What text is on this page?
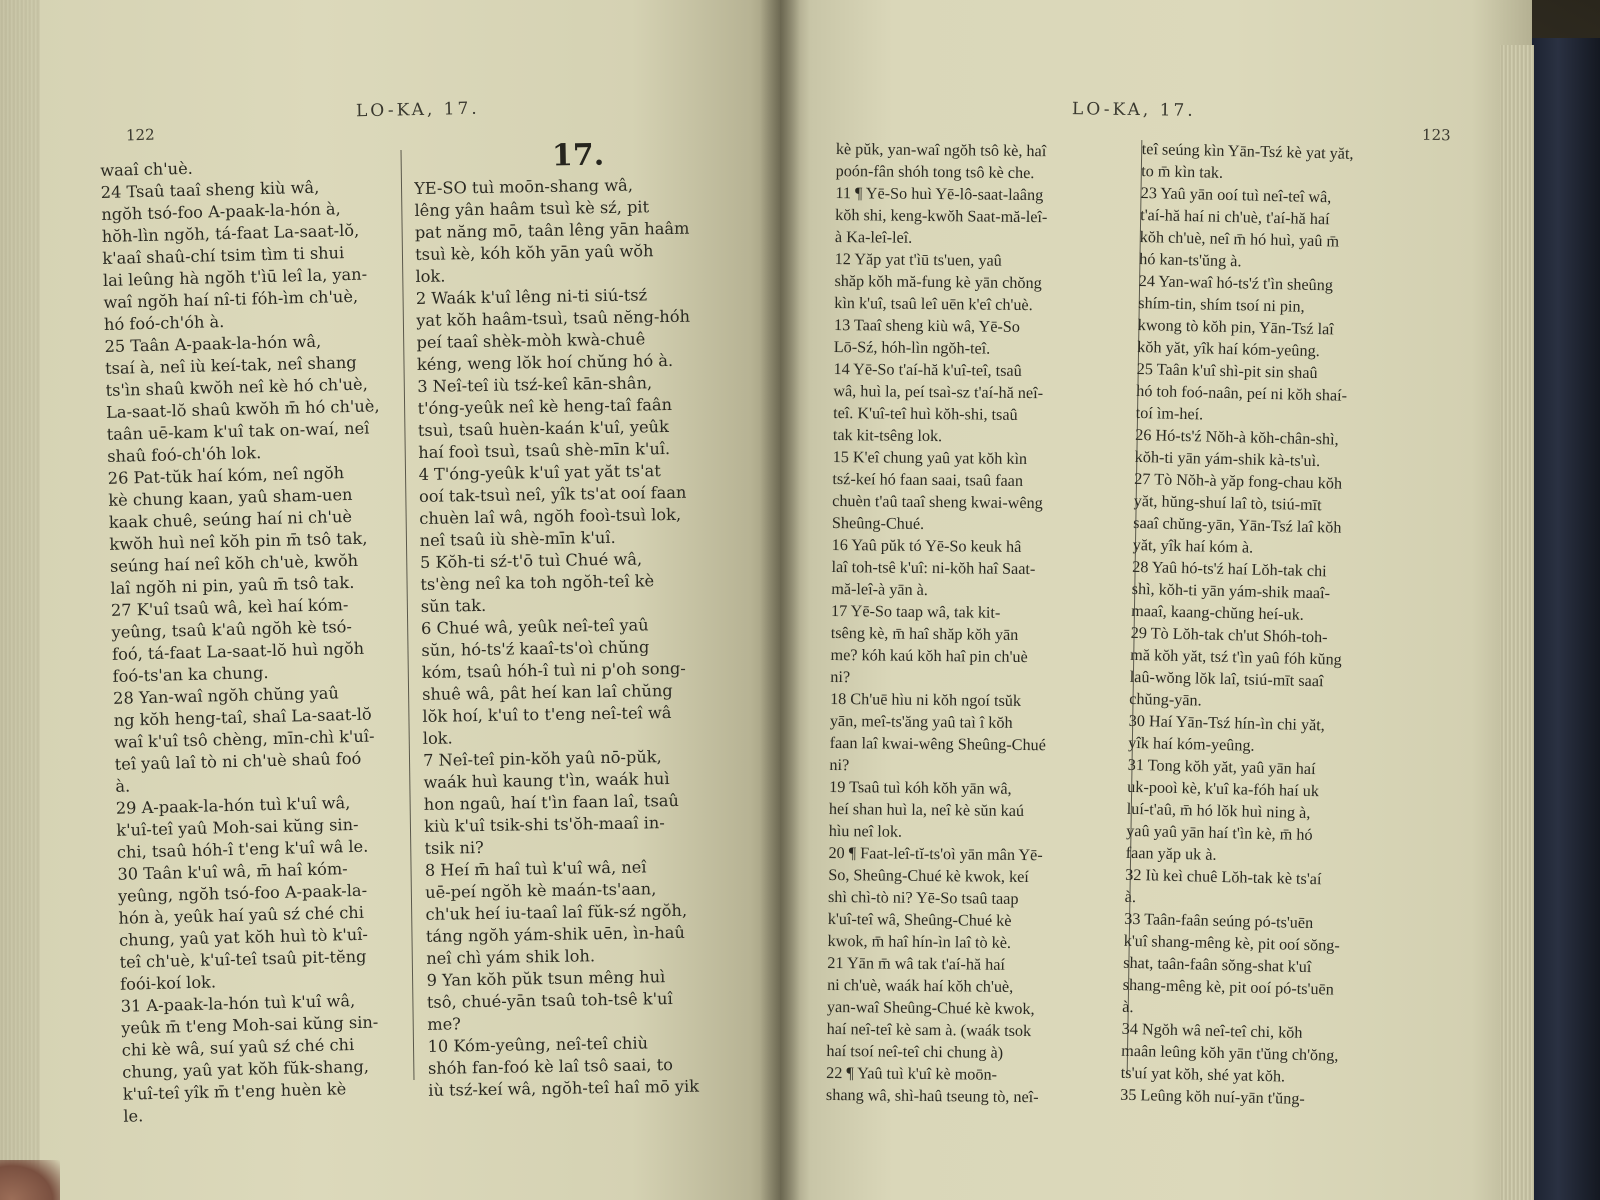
LO-KA, 17.
122
17.
waaî ch'uè.
24 Tsaû taaî sheng kiù wâ,
ngŏh tsó-foo A-paak-la-hón à,
hŏh-lìn ngŏh, tá-faat La-saat-lŏ,
k'aaî shaû-chí tsim tìm ti shui
lai leûng hà ngŏh t'ìū leî la, yan-
waî ngŏh haí nî-ti fóh-ìm ch'uè,
hó foó-ch'óh à.
25 Taân A-paak-la-hón wâ,
tsaí à, neî iù keí-tak, neî shang
ts'ìn shaû kwŏh neî kè hó ch'uè,
La-saat-lŏ shaû kwŏh m̄ hó ch'uè,
taân uē-kam k'uî tak on-waí, neî
shaû foó-ch'óh lok.
26 Pat-tŭk haí kóm, neî ngŏh
kè chung kaan, yaû sham-uen
kaak chuê, seúng haí ni ch'uè
kwŏh huì neî kŏh pin m̄ tsô tak,
seúng haí neî kŏh ch'uè, kwŏh
laî ngŏh ni pin, yaû m̄ tsô tak.
27 K'uî tsaû wâ, keì haí kóm-
yeûng, tsaû k'aû ngŏh kè tsó-
foó, tá-faat La-saat-lŏ huì ngŏh
foó-ts'an ka chung.
28 Yan-waî ngŏh chŭng yaû
ng kŏh heng-taî, shaî La-saat-lŏ
waî k'uî tsô chèng, mīn-chì k'uî-
teî yaû laî tò ni ch'uè shaû foó
à.
29 A-paak-la-hón tuì k'uî wâ,
k'uî-teî yaû Moh-sai kŭng sin-
chi, tsaû hóh-î t'eng k'uî wâ le.
30 Taân k'uî wâ, m̄ haî kóm-
yeûng, ngŏh tsó-foo A-paak-la-
hón à, yeûk haí yaû sź ché chi
chung, yaû yat kŏh huì tò k'uî-
teî ch'uè, k'uî-teî tsaû pit-tĕng
foói-koí lok.
31 A-paak-la-hón tuì k'uî wâ,
yeûk m̄ t'eng Moh-sai kŭng sin-
chi kè wâ, suí yaû sź ché chi
chung, yaû yat kŏh fŭk-shang,
k'uî-teî yîk m̄ t'eng huèn kè
le.
YE-SO tuì moōn-shang wâ,
lêng yân haâm tsuì kè sź, pit
pat năng mō, taân lêng yān haâm
tsuì kè, kóh kŏh yān yaû wŏh
lok.
2 Waák k'uî lêng ni-ti siú-tsź
yat kŏh haâm-tsuì, tsaû nĕng-hóh
peí taaî shèk-mòh kwà-chuê
kéng, weng lŏk hoí chŭng hó à.
3 Neî-teî iù tsź-keî kān-shân,
t'óng-yeûk neî kè heng-taî faân
tsuì, tsaû huèn-kaán k'uî, yeûk
haí fooì tsuì, tsaû shè-mīn k'uî.
4 T'óng-yeûk k'uî yat yăt ts'at
ooí tak-tsuì neî, yîk ts'at ooí faan
chuèn laî wâ, ngŏh fooì-tsuì lok,
neî tsaû iù shè-mīn k'uî.
5 Kŏh-ti sź-t'ō tuì Chué wâ,
ts'èng neî ka toh ngŏh-teî kè
sŭn tak.
6 Chué wâ, yeûk neî-teî yaû
sŭn, hó-ts'ź kaaî-ts'oì chŭng
kóm, tsaû hóh-î tuì ni p'oh song-
shuê wâ, pât heí kan laî chŭng
lŏk hoí, k'uî to t'eng neî-teî wâ
lok.
7 Neî-teî pin-kŏh yaû nō-pŭk,
waák huì kaung t'ìn, waák huì
hon ngaû, haí t'ìn faan laî, tsaû
kiù k'uî tsik-shi ts'ŏh-maaî in-
tsik ni?
8 Heí m̄ haî tuì k'uî wâ, neî
uē-peí ngŏh kè maán-ts'aan,
ch'uk heí iu-taaî laî fŭk-sź ngŏh,
táng ngŏh yám-shik uēn, ìn-haû
neî chì yám shik loh.
9 Yan kŏh pŭk tsun mêng huì
tsô, chué-yān tsaû toh-tsê k'uî
me?
10 Kóm-yeûng, neî-teî chiù
shóh fan-foó kè laî tsô saai, to
iù tsź-keí wâ, ngŏh-teî haî mō yik
LO-KA, 17.
123
kè pŭk, yan-waî ngŏh tsô kè, haî
poón-fân shóh tong tsô kè che.
11 ¶ Yē-So huì Yē-lô-saat-laâng
kŏh shi, keng-kwŏh Saat-mă-leî-
à Ka-leî-leî.
12 Yăp yat t'ìū ts'uen, yaû
shăp kŏh mă-fung kè yān chŏng
kìn k'uî, tsaû leî uēn k'eî ch'uè.
13 Taaî sheng kiù wâ, Yē-So
Lō-Sź, hóh-lìn ngŏh-teî.
14 Yē-So t'aí-hă k'uî-teî, tsaû
wâ, huì la, peí tsaì-sz t'aí-hă neî-
teî. K'uî-teî huì kŏh-shi, tsaû
tak kit-tsêng lok.
15 K'eî chung yaû yat kŏh kìn
tsź-keí hó faan saai, tsaû faan
chuèn t'aû taaî sheng kwai-wêng
Sheûng-Chué.
16 Yaû pŭk tó Yē-So keuk hâ
laî toh-tsê k'uî: ni-kŏh haî Saat-
mă-leî-à yān à.
17 Yē-So taap wâ, tak kit-
tsêng kè, m̄ haî shăp kŏh yān
me? kóh kaú kŏh haî pin ch'uè
ni?
18 Ch'uē hìu ni kŏh ngoí tsŭk
yān, meî-ts'ăng yaû taì î kŏh
faan laî kwai-wêng Sheûng-Chué
ni?
19 Tsaû tuì kóh kŏh yān wâ,
heí shan huì la, neî kè sŭn kaú
hìu neî lok.
20 ¶ Faat-leî-tĭ-ts'oì yān mân Yē-
So, Sheûng-Chué kè kwok, keí
shì chì-tò ni? Yē-So tsaû taap
k'uî-teî wâ, Sheûng-Chué kè
kwok, m̄ haî hín-ìn laî tò kè.
21 Yān m̄ wâ tak t'aí-hă haí
ni ch'uè, waák haí kŏh ch'uè,
yan-waî Sheûng-Chué kè kwok,
haí neî-teî kè sam à. (waák tsok
haí tsoí neî-teî chi chung à)
22 ¶ Yaû tuì k'uî kè moōn-
shang wâ, shì-haû tseung tò, neî-
teî seúng kìn Yān-Tsź kè yat yăt,
to m̄ kìn tak.
23 Yaû yān ooí tuì neî-teî wâ,
t'aí-hă haí ni ch'uè, t'aí-hă haí
kŏh ch'uè, neî m̄ hó huì, yaû m̄
hó kan-ts'ŭng à.
24 Yan-waî hó-ts'ź t'ìn sheûng
shím-tin, shím tsoí ni pin,
kwong tò kŏh pin, Yān-Tsź laî
kŏh yăt, yîk haí kóm-yeûng.
25 Taân k'uî shì-pit sin shaû
hó toh foó-naân, peí ni kŏh shaí-
toí ìm-heí.
26 Hó-ts'ź Nŏh-à kŏh-chân-shì,
kŏh-ti yān yám-shik kà-ts'uì.
27 Tò Nŏh-à yăp fong-chau kŏh
yăt, hŭng-shuí laî tò, tsiú-mīt
saaî chŭng-yān, Yān-Tsź laî kŏh
yăt, yîk haí kóm à.
28 Yaû hó-ts'ź haí Lŏh-tak chi
shì, kŏh-ti yān yám-shik maaî-
maaî, kaang-chŭng heí-uk.
29 Tò Lŏh-tak ch'ut Shóh-toh-
mă kŏh yăt, tsź t'ìn yaû fóh kŭng
laû-wŏng lŏk laî, tsiú-mīt saaî
chŭng-yān.
30 Haí Yān-Tsź hín-ìn chi yăt,
yîk haí kóm-yeûng.
31 Tong kŏh yăt, yaû yān haí
uk-pooì kè, k'uî ka-fóh haí uk
luí-t'aû, m̄ hó lŏk huì ning à,
yaû yaû yān haí t'ìn kè, m̄ hó
faan yăp uk à.
32 Iù keì chuê Lŏh-tak kè ts'aí
à.
33 Taân-faân seúng pó-ts'uēn
k'uî shang-mêng kè, pit ooí sŏng-
shat, taân-faân sŏng-shat k'uî
shang-mêng kè, pit ooí pó-ts'uēn
à.
34 Ngŏh wâ neî-teî chi, kŏh
maân leûng kŏh yān t'ŭng ch'ŏng,
ts'uí yat kŏh, shé yat kŏh.
35 Leûng kŏh nuí-yān t'ŭng-
